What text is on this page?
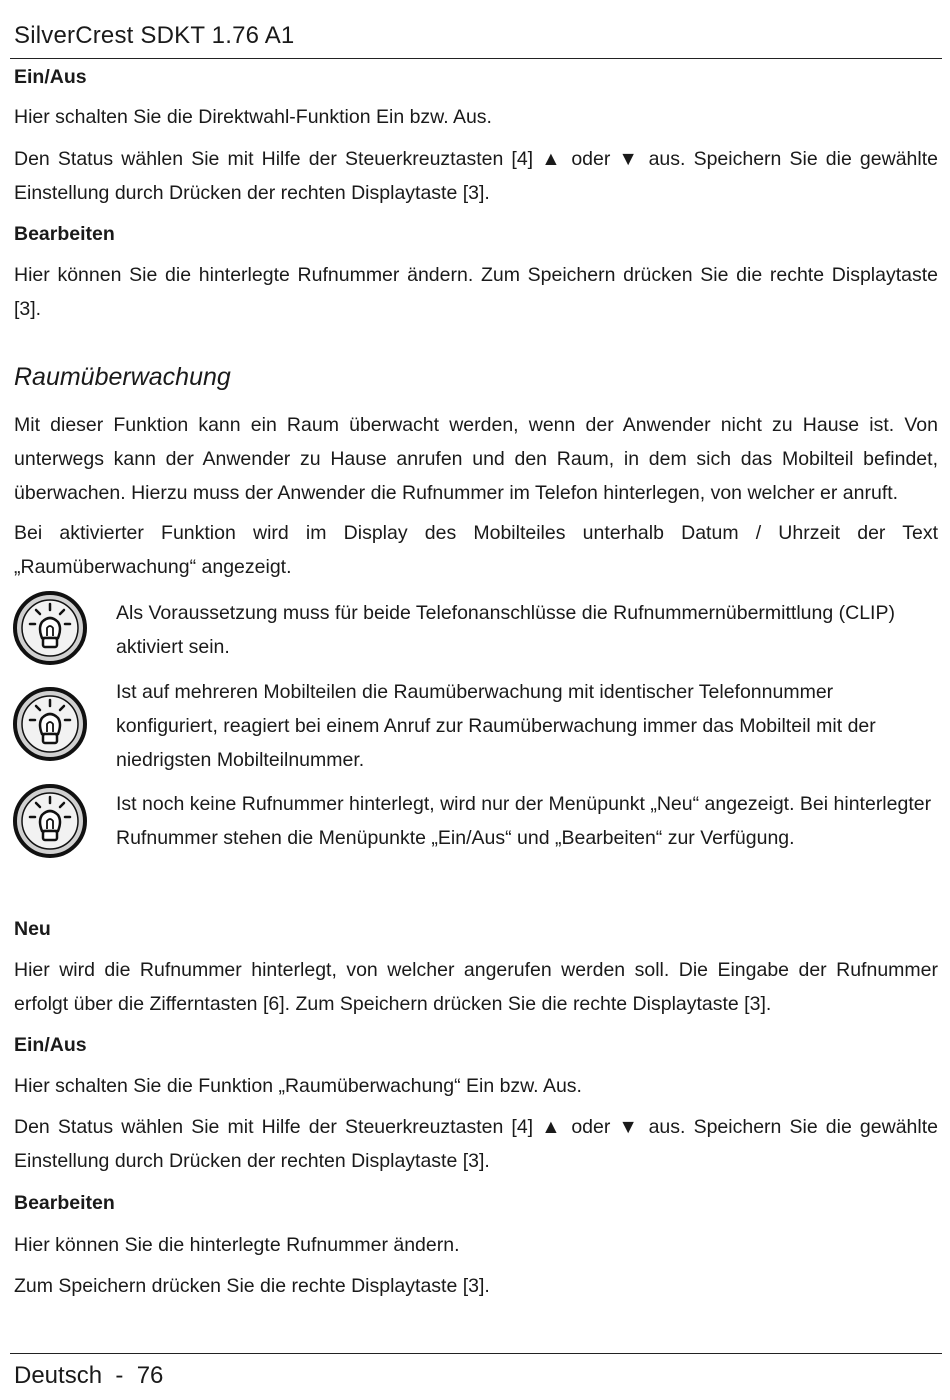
SilverCrest SDKT 1.76 A1
Ein/Aus
Hier schalten Sie die Direktwahl-Funktion Ein bzw. Aus.
Den Status wählen Sie mit Hilfe der Steuerkreuztasten [4] ▲ oder ▼ aus. Speichern Sie die gewählte Einstellung durch Drücken der rechten Displaytaste [3].
Bearbeiten
Hier können Sie die hinterlegte Rufnummer ändern. Zum Speichern drücken Sie die rechte Displaytaste [3].
Raumüberwachung
Mit dieser Funktion kann ein Raum überwacht werden, wenn der Anwender nicht zu Hause ist. Von unterwegs kann der Anwender zu Hause anrufen und den Raum, in dem sich das Mobilteil befindet, überwachen. Hierzu muss der Anwender die Rufnummer im Telefon hinterlegen, von welcher er anruft.
Bei aktivierter Funktion wird im Display des Mobilteiles unterhalb Datum / Uhrzeit der Text „Raumüberwachung“ angezeigt.
Als Voraussetzung muss für beide Telefonanschlüsse die Rufnummernübermittlung (CLIP) aktiviert sein.
Ist auf mehreren Mobilteilen die Raumüberwachung mit identischer Telefonnummer konfiguriert, reagiert bei einem Anruf zur Raumüberwachung immer das Mobilteil mit der niedrigsten Mobilteilnummer.
Ist noch keine Rufnummer hinterlegt, wird nur der Menüpunkt „Neu“ angezeigt. Bei hinterlegter Rufnummer stehen die Menüpunkte „Ein/Aus“ und „Bearbeiten“ zur Verfügung.
Neu
Hier wird die Rufnummer hinterlegt, von welcher angerufen werden soll. Die Eingabe der Rufnummer erfolgt über die Zifferntasten [6]. Zum Speichern drücken Sie die rechte Displaytaste [3].
Ein/Aus
Hier schalten Sie die Funktion „Raumüberwachung“ Ein bzw. Aus.
Den Status wählen Sie mit Hilfe der Steuerkreuztasten [4] ▲ oder ▼ aus. Speichern Sie die gewählte Einstellung durch Drücken der rechten Displaytaste [3].
Bearbeiten
Hier können Sie die hinterlegte Rufnummer ändern.
Zum Speichern drücken Sie die rechte Displaytaste [3].
Deutsch  -  76
